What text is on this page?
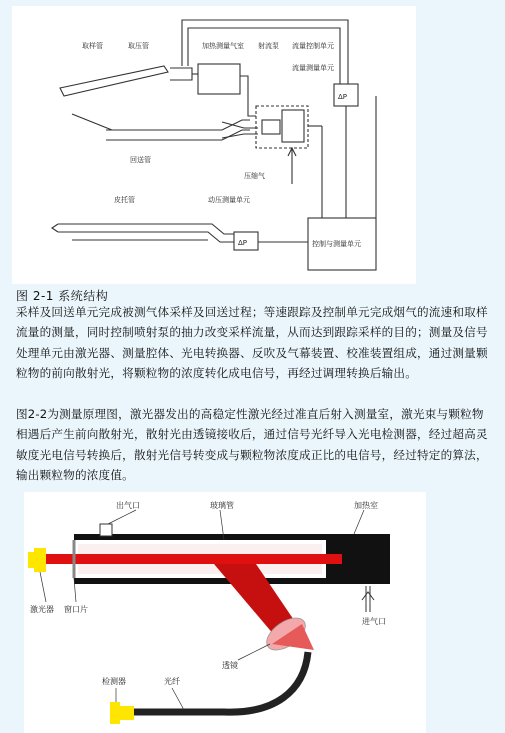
取样管	取压管	加热测量气室 射流泵 流量控制单元
流量测量单元
回送管
压缩气
皮托管	动压测量单元
控制与测量单元
ΔP
ΔP
图 2-1 系统结构

采样及回送单元完成被测气体采样及回送过程；等速跟踪及控制单元完成烟气的流速和取样流量的测量，同时控制喷射泵的抽力改变采样流量，从而达到跟踪采样的目的；测量及信号处理单元由激光器、测量腔体、光电转换器、反吹及气幕装置、校准装置组成，通过测量颗粒物的前向散射光，将颗粒物的浓度转化成电信号，再经过调理转换后输出。

图2-2为测量原理图，激光器发出的高稳定性激光经过准直后射入测量室，激光束与颗粒物相遇后产生前向散射光，散射光由透镜接收后，通过信号光纤导入光电检测器，经过超高灵敏度光电信号转换后，散射光信号转变成与颗粒物浓度成正比的电信号，经过特定的算法，输出颗粒物的浓度值。

出气口	玻璃管	加热室
激光器 窗口片
透镜
进气口
检测器	光纤
